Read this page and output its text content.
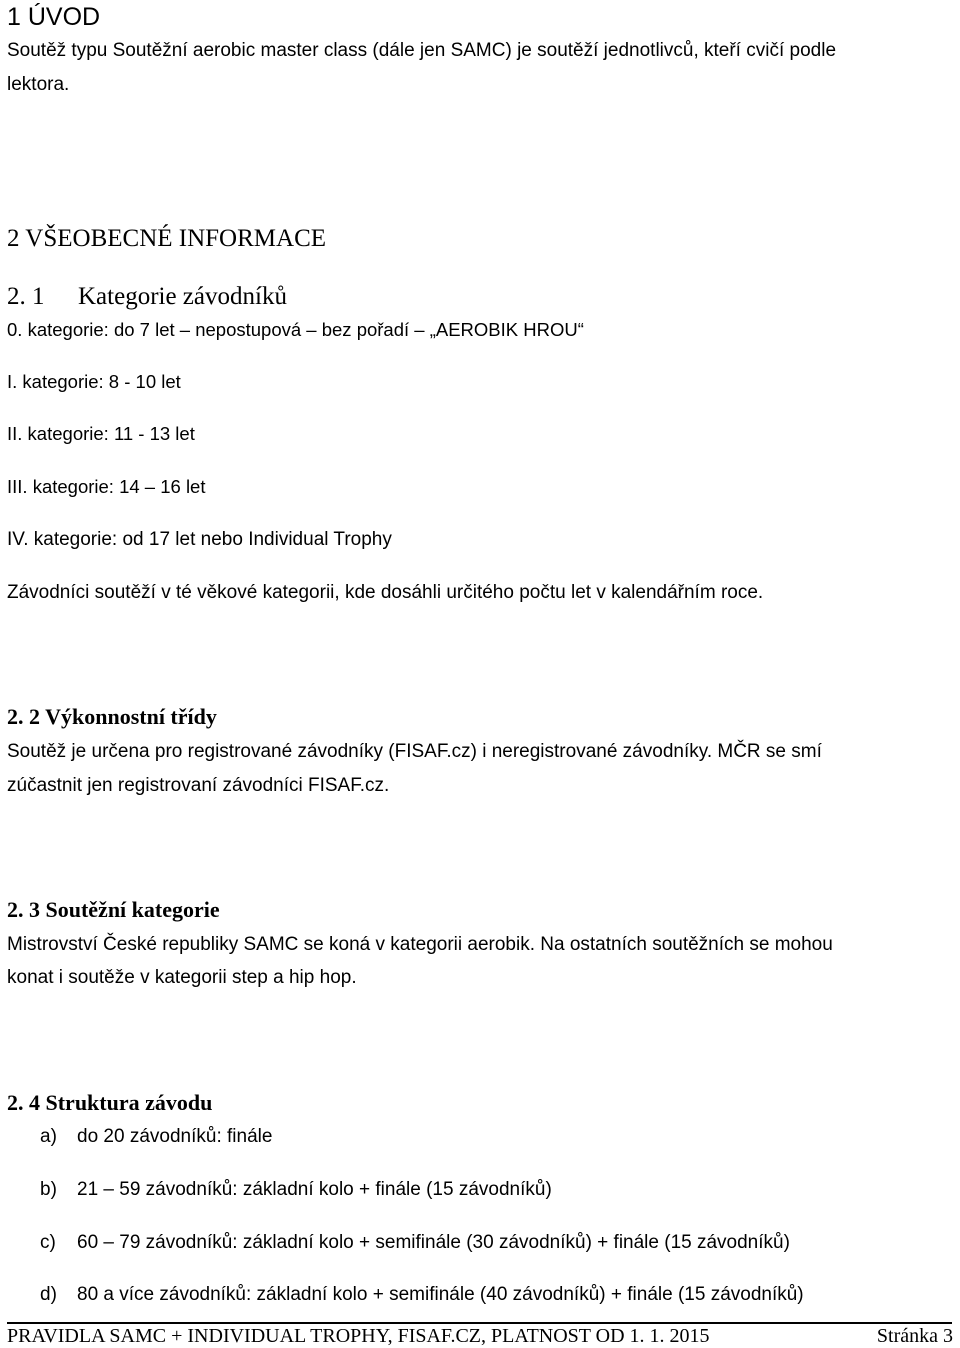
1 ÚVOD
Soutěž typu Soutěžní aerobic master class (dále jen SAMC) je soutěží jednotlivců, kteří cvičí podle
lektora.
2 VŠEOBECNÉ INFORMACE
2. 1 Kategorie závodníků
0. kategorie: do 7 let – nepostupová – bez pořadí – „AEROBIK HROU“
I. kategorie: 8 - 10 let
II. kategorie: 11 - 13 let
III. kategorie: 14 – 16 let
IV. kategorie: od 17 let nebo Individual Trophy
Závodníci soutěží v té věkové kategorii, kde dosáhli určitého počtu let v kalendářním roce.
2. 2 Výkonnostní třídy
Soutěž je určena pro registrované závodníky (FISAF.cz) i neregistrované závodníky. MČR se smí
zúčastnit jen registrovaní závodníci FISAF.cz.
2. 3 Soutěžní kategorie
Mistrovství České republiky SAMC se koná v kategorii aerobik. Na ostatních soutěžních se mohou
konat i soutěže v kategorii step a hip hop.
2. 4 Struktura závodu
a) do 20 závodníků: finále
b) 21 – 59 závodníků: základní kolo + finále (15 závodníků)
c) 60 – 79 závodníků: základní kolo + semifinále (30 závodníků) + finále (15 závodníků)
d) 80 a více závodníků: základní kolo + semifinále (40 závodníků) + finále (15 závodníků)
PRAVIDLA SAMC + INDIVIDUAL TROPHY, FISAF.CZ, PLATNOST OD 1. 1. 2015	Stránka 3
